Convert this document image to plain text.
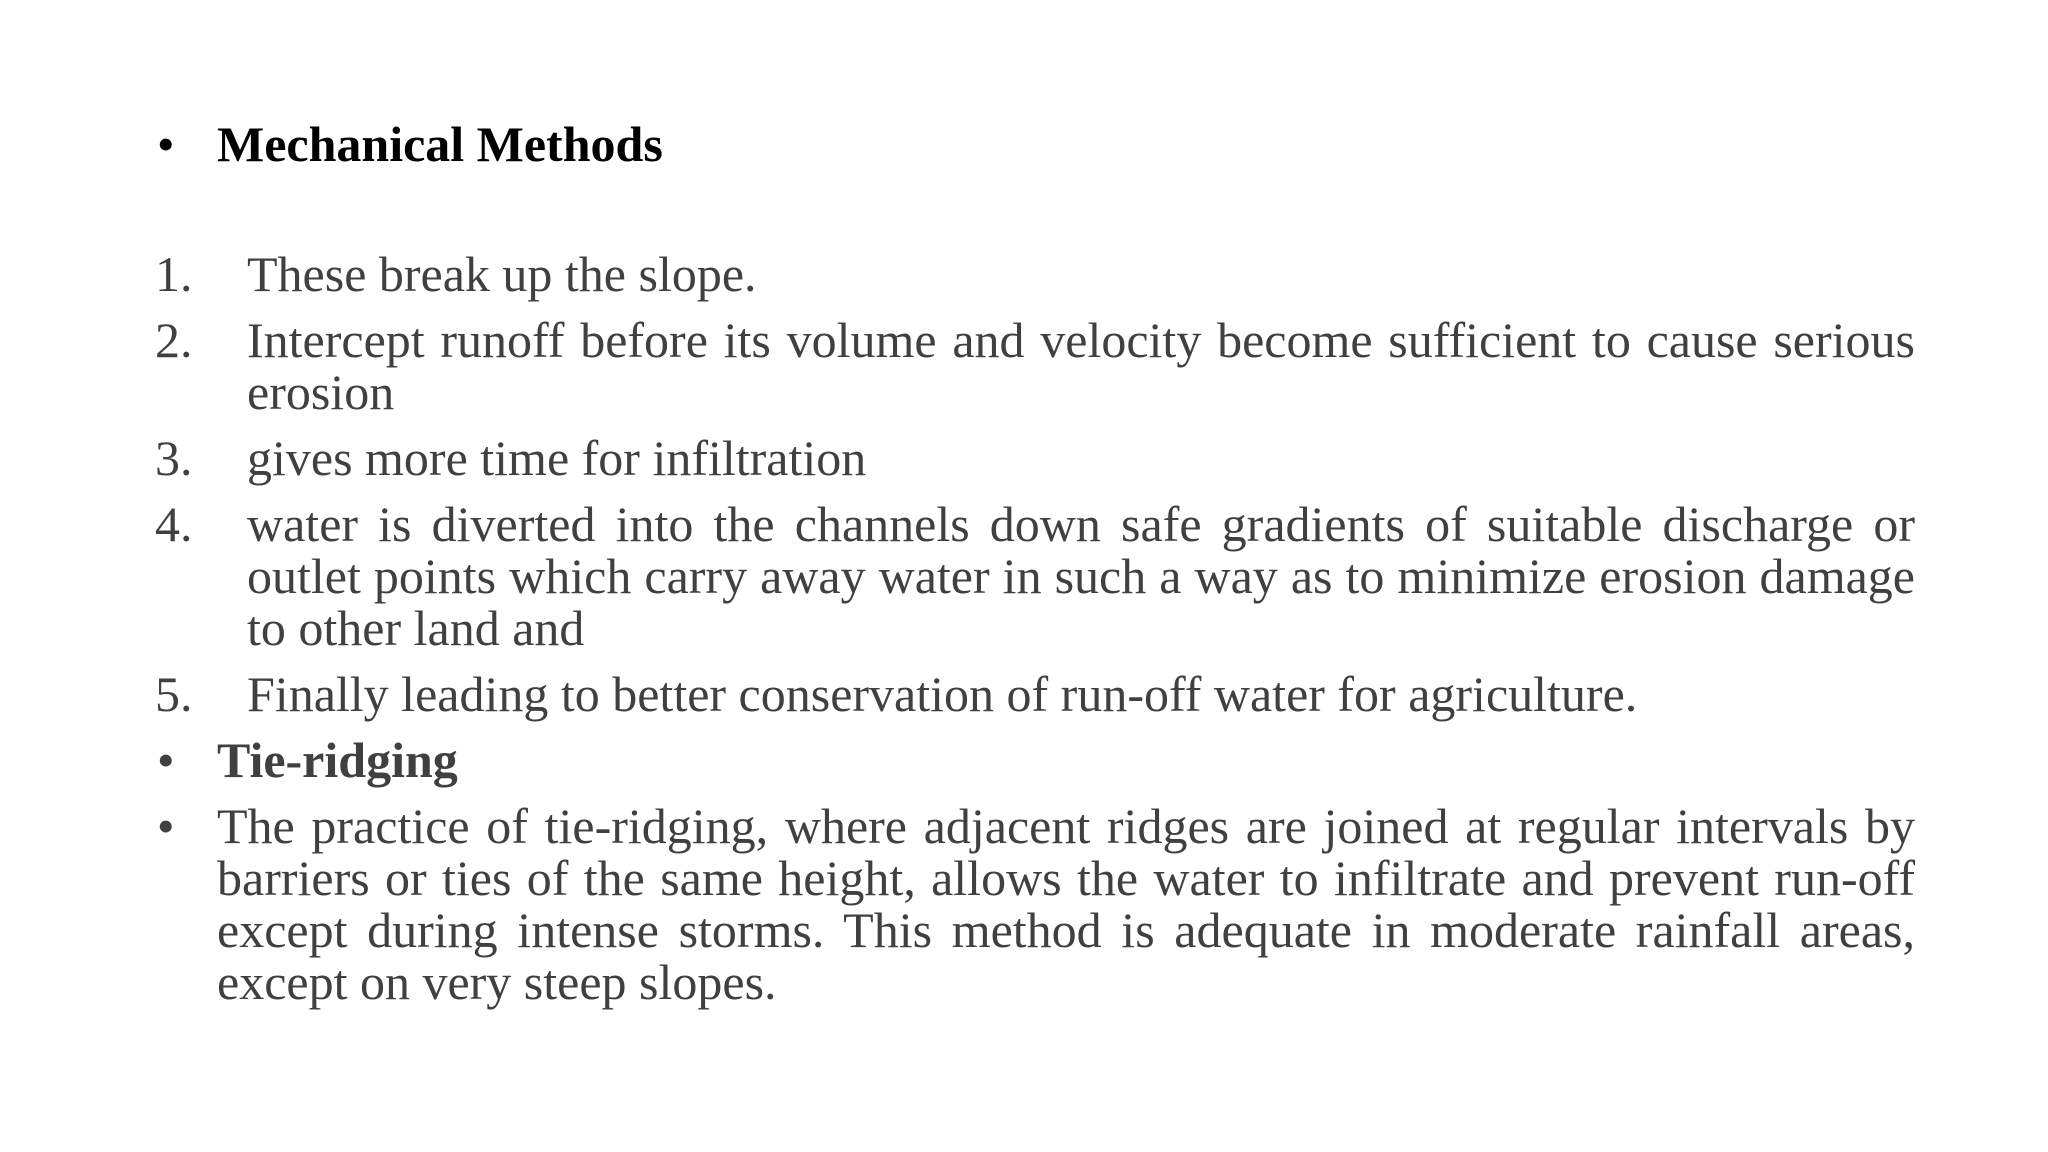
• Mechanical Methods
1. These break up the slope.
2. Intercept runoff before its volume and velocity become sufficient to cause serious erosion
3. gives more time for infiltration
4. water is diverted into the channels down safe gradients of suitable discharge or outlet points which carry away water in such a way as to minimize erosion damage to other land and
5. Finally leading to better conservation of run-off water for agriculture.
• Tie-ridging
• The practice of tie-ridging, where adjacent ridges are joined at regular intervals by barriers or ties of the same height, allows the water to infiltrate and prevent run-off except during intense storms. This method is adequate in moderate rainfall areas, except on very steep slopes.
